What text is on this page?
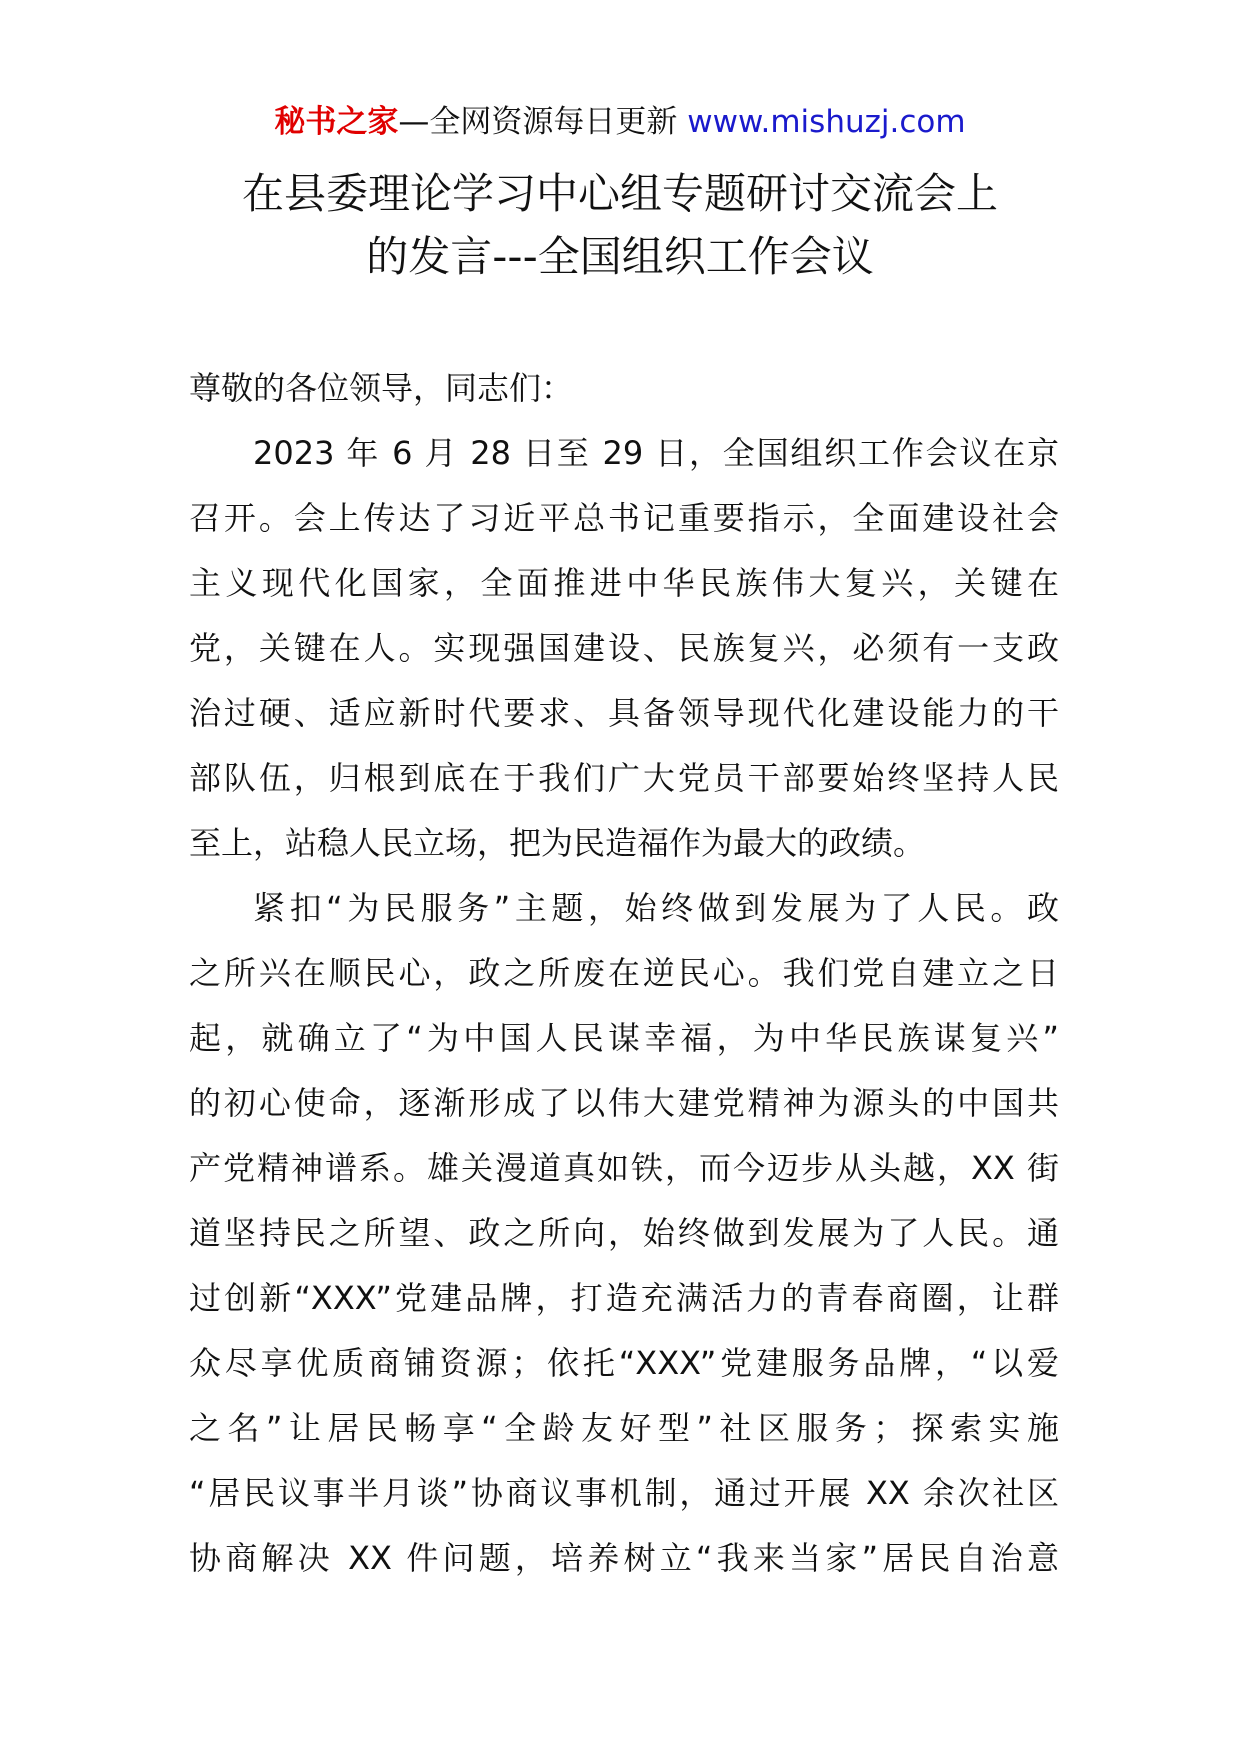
秘书之家—全网资源每日更新 www.mishuzj.com
在县委理论学习中心组专题研讨交流会上
的发言---全国组织工作会议
尊敬的各位领导，同志们：
2023 年 6 月 28 日至 29 日，全国组织工作会议在京
召开。会上传达了习近平总书记重要指示，全面建设社会
主义现代化国家，全面推进中华民族伟大复兴，关键在
党，关键在人。实现强国建设、民族复兴，必须有一支政
治过硬、适应新时代要求、具备领导现代化建设能力的干
部队伍，归根到底在于我们广大党员干部要始终坚持人民
至上，站稳人民立场，把为民造福作为最大的政绩。
紧扣“为民服务”主题，始终做到发展为了人民。政
之所兴在顺民心，政之所废在逆民心。我们党自建立之日
起，就确立了“为中国人民谋幸福，为中华民族谋复兴”
的初心使命，逐渐形成了以伟大建党精神为源头的中国共
产党精神谱系。雄关漫道真如铁，而今迈步从头越，XX 街
道坚持民之所望、政之所向，始终做到发展为了人民。通
过创新“XXX”党建品牌，打造充满活力的青春商圈，让群
众尽享优质商铺资源；依托“XXX”党建服务品牌，“以爱
之名”让居民畅享“全龄友好型”社区服务；探索实施
“居民议事半月谈”协商议事机制，通过开展 XX 余次社区
协商解决 XX 件问题，培养树立“我来当家”居民自治意
